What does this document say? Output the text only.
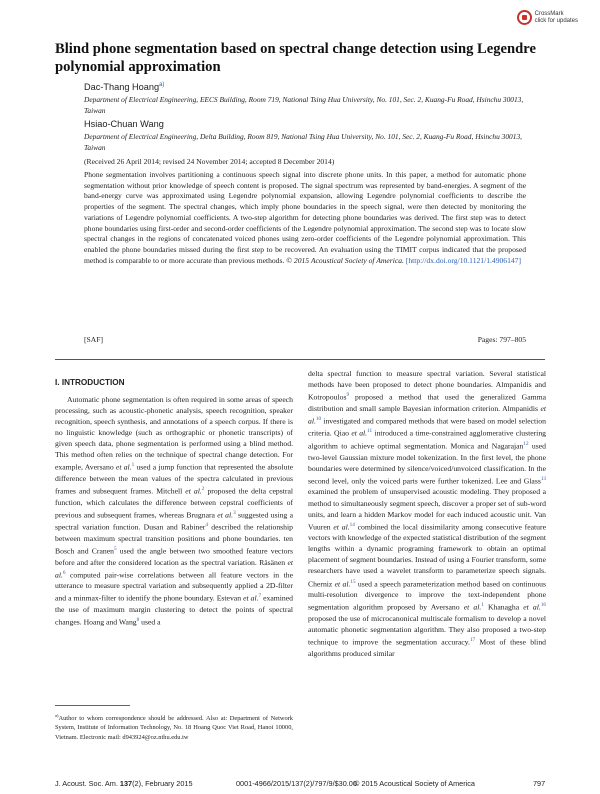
CrossMark
click for updates
Blind phone segmentation based on spectral change detection using Legendre polynomial approximation
Dac-Thang Hoang$^{a)}$
Department of Electrical Engineering, EECS Building, Room 719, National Tsing Hua University, No. 101, Sec. 2, Kuang-Fu Road, Hsinchu 30013, Taiwan
Hsiao-Chuan Wang
Department of Electrical Engineering, Delta Building, Room 819, National Tsing Hua University, No. 101, Sec. 2, Kuang-Fu Road, Hsinchu 30013, Taiwan
(Received 26 April 2014; revised 24 November 2014; accepted 8 December 2014)
Phone segmentation involves partitioning a continuous speech signal into discrete phone units. In this paper, a method for automatic phone segmentation without prior knowledge of speech content is proposed. The signal spectrum was represented by band-energies. A segment of the band-energy curve was approximated using Legendre polynomial expansion, allowing Legendre polynomial coefficients to describe the properties of the segment. The spectral changes, which imply phone boundaries in the speech signal, were then detected by monitoring the variations of Legendre polynomial coefficients. A two-step algorithm for detecting phone boundaries was derived. The first step was to detect phone boundaries using first-order and second-order coefficients of the Legendre polynomial approximation. The second step was to locate slow spectral changes in the regions of concatenated voiced phones using zero-order coefficients of the Legendre polynomial approximation. This enabled the phone boundaries missed during the first step to be recovered. An evaluation using the TIMIT corpus indicated that the proposed method is comparable to or more accurate than previous methods. © 2015 Acoustical Society of America. [http://dx.doi.org/10.1121/1.4906147]
[SAF]	Pages: 797–805
I. INTRODUCTION
Automatic phone segmentation is often required in some areas of speech processing, such as acoustic-phonetic analysis, speech recognition, speaker recognition, speech synthesis, and annotations of a speech corpus. If there is no linguistic knowledge (such as orthographic or phonetic transcripts) of given speech data, phone segmentation is performed using a blind method. This method often relies on the technique of spectral change detection. For example, Aversano et al.$^1$ used a jump function that represented the absolute difference between the mean values of the spectra calculated in previous frames and subsequent frames. Mitchell et al.$^2$ proposed the delta cepstral function, which calculates the difference between cepstral coefficients of previous and subsequent frames, whereas Brugnara et al.$^3$ suggested using a spectral variation function. Dusan and Rabiner$^4$ described the relationship between maximum spectral transition positions and phone boundaries. ten Bosch and Cranen$^5$ used the angle between two smoothed feature vectors before and after the considered location as the spectral variation. Räsänen et al.$^6$ computed pair-wise correlations between all feature vectors in the utterance to measure spectral variation and subsequently applied a 2D-filter and a minmax-filter to identify the phone boundary. Estevan et al.$^7$ examined the use of maximum margin clustering to detect the points of spectral changes. Hoang and Wang$^8$ used a
delta spectral function to measure spectral variation. Several statistical methods have been proposed to detect phone boundaries. Almpanidis and Kotropoulos$^9$ proposed a method that used the generalized Gamma distribution and small sample Bayesian information criterion. Almpanidis et al.$^{10}$ investigated and compared methods that were based on model selection criteria. Qiao et al.$^{11}$ introduced a time-constrained agglomerative clustering algorithm to achieve optimal segmentation. Monica and Nagarajan$^{12}$ used two-level Gaussian mixture model tokenization. In the first level, the phone boundaries were determined by silence/voiced/unvoiced classification. In the second level, only the voiced parts were further tokenized. Lee and Glass$^{13}$ examined the problem of unsupervised acoustic modeling. They proposed a method to simultaneously segment speech, discover a proper set of sub-word units, and learn a hidden Markov model for each induced acoustic unit. Van Vuuren et al.$^{14}$ combined the local dissimilarity among consecutive feature vectors with knowledge of the expected statistical distribution of the segment lengths within a dynamic programing framework to obtain an optimal placement of segment boundaries. Instead of using a Fourier transform, some researchers have used a wavelet transform to parameterize speech signals. Cherniz et al.$^{15}$ used a speech parameterization method based on continuous multi-resolution divergence to improve the text-independent phone segmentation algorithm proposed by Aversano et al.$^1$ Khanagha et al.$^{16}$ proposed the use of microcanonical multiscale formalism to develop a novel automatic phonetic segmentation algorithm. They also proposed a two-step technique to improve the segmentation accuracy.$^{17}$ Most of these blind algorithms produced similar
$^{a)}$Author to whom correspondence should be addressed. Also at: Department of Network System, Institute of Information Technology, No. 18 Hoang Quoc Viet Road, Hanoi 10000, Vietnam. Electronic mail: d943924@oz.nthu.edu.tw
J. Acoust. Soc. Am. 137(2), February 2015	0001-4966/2015/137(2)/797/9/$30.00
© 2015 Acoustical Society of America	797
